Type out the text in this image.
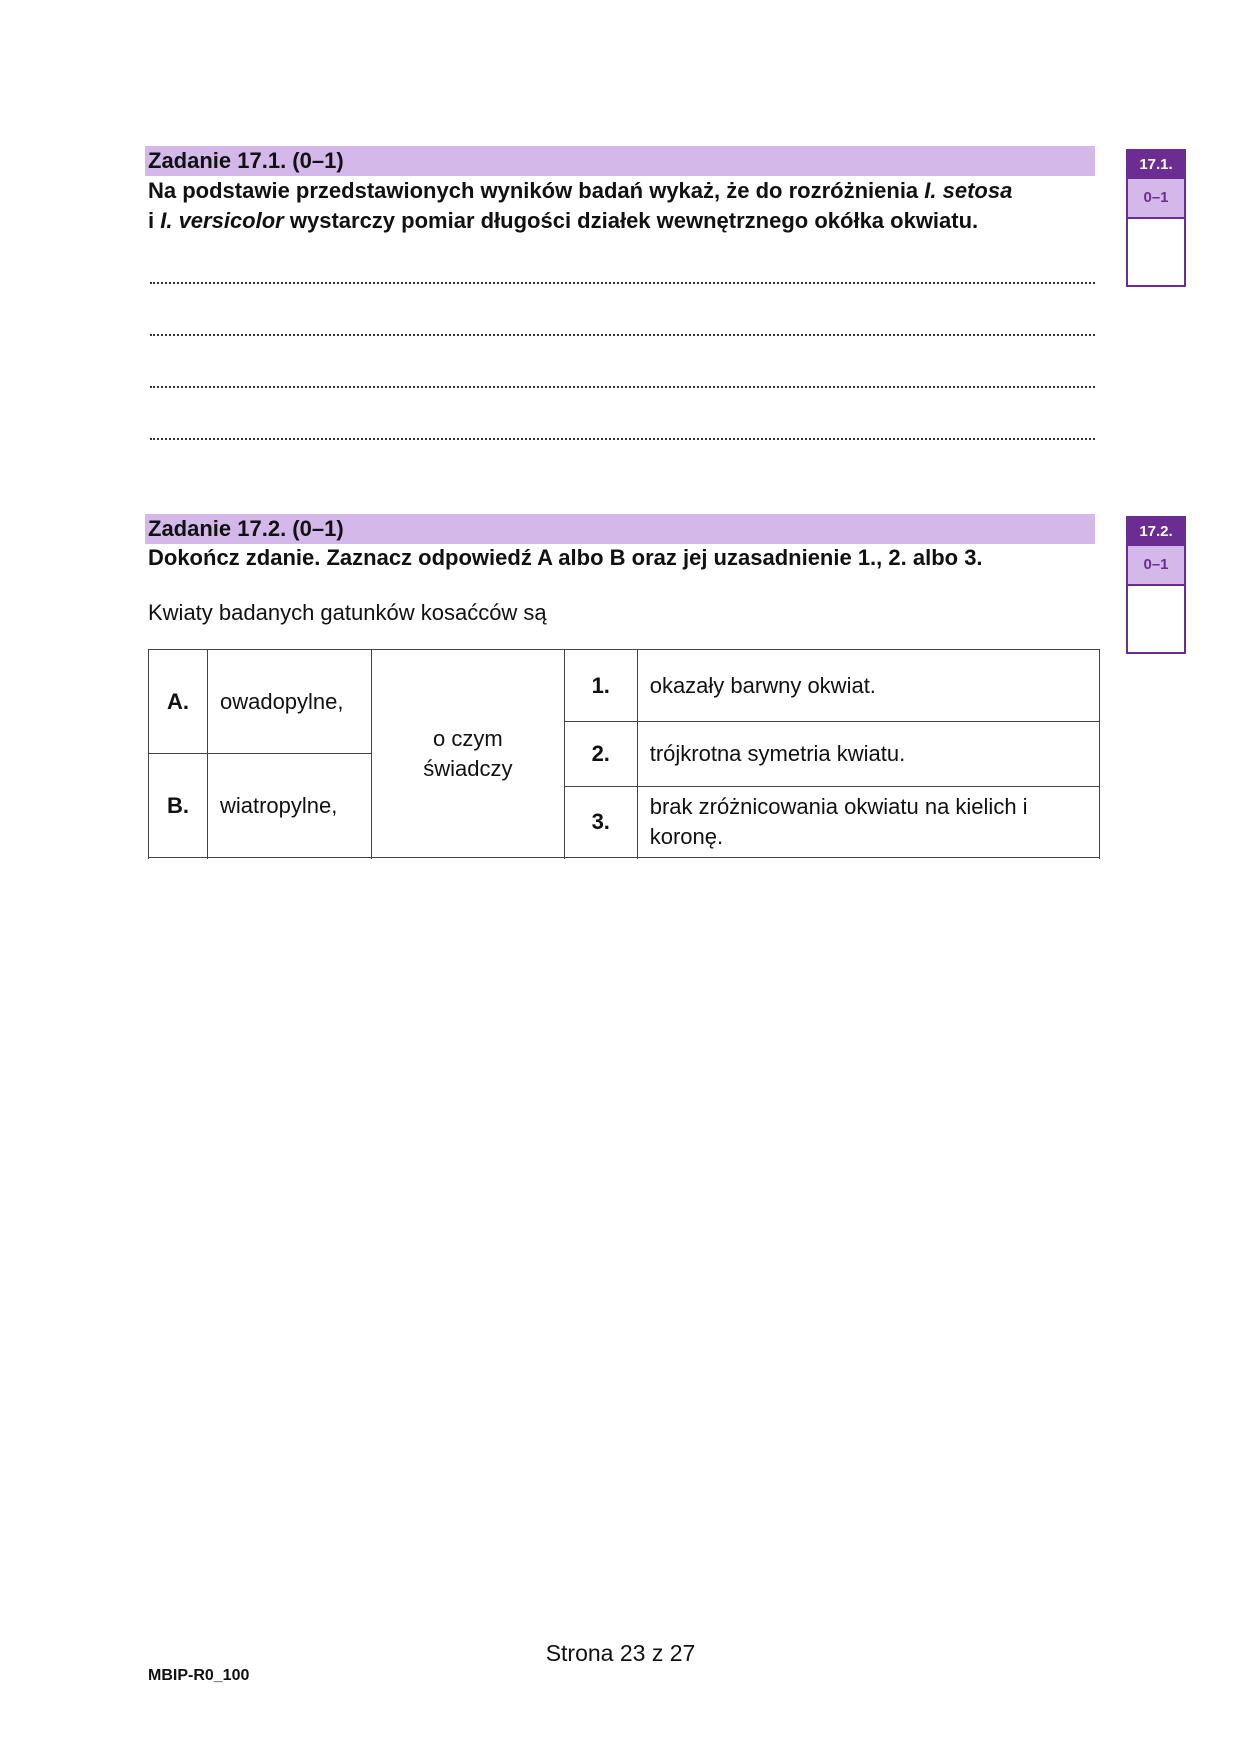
Zadanie 17.1. (0–1)
Na podstawie przedstawionych wyników badań wykaż, że do rozróżnienia I. setosa
i I. versicolor wystarczy pomiar długości działek wewnętrznego okółka okwiatu.
17.1.
0–1
Zadanie 17.2. (0–1)
Dokończ zdanie. Zaznacz odpowiedź A albo B oraz jej uzasadnienie 1., 2. albo 3.
17.2.
0–1
Kwiaty badanych gatunków kosaćców są
A.	owadopylne,	o czym świadczy	1.	okazały barwny okwiat.

			2.	trójkrotna symetria kwiatu.
B.	wiatropylne,			
			3.	brak zróżnicowania okwiatu na kielich i koronę.

Strona 23 z 27
MBIP-R0_100
